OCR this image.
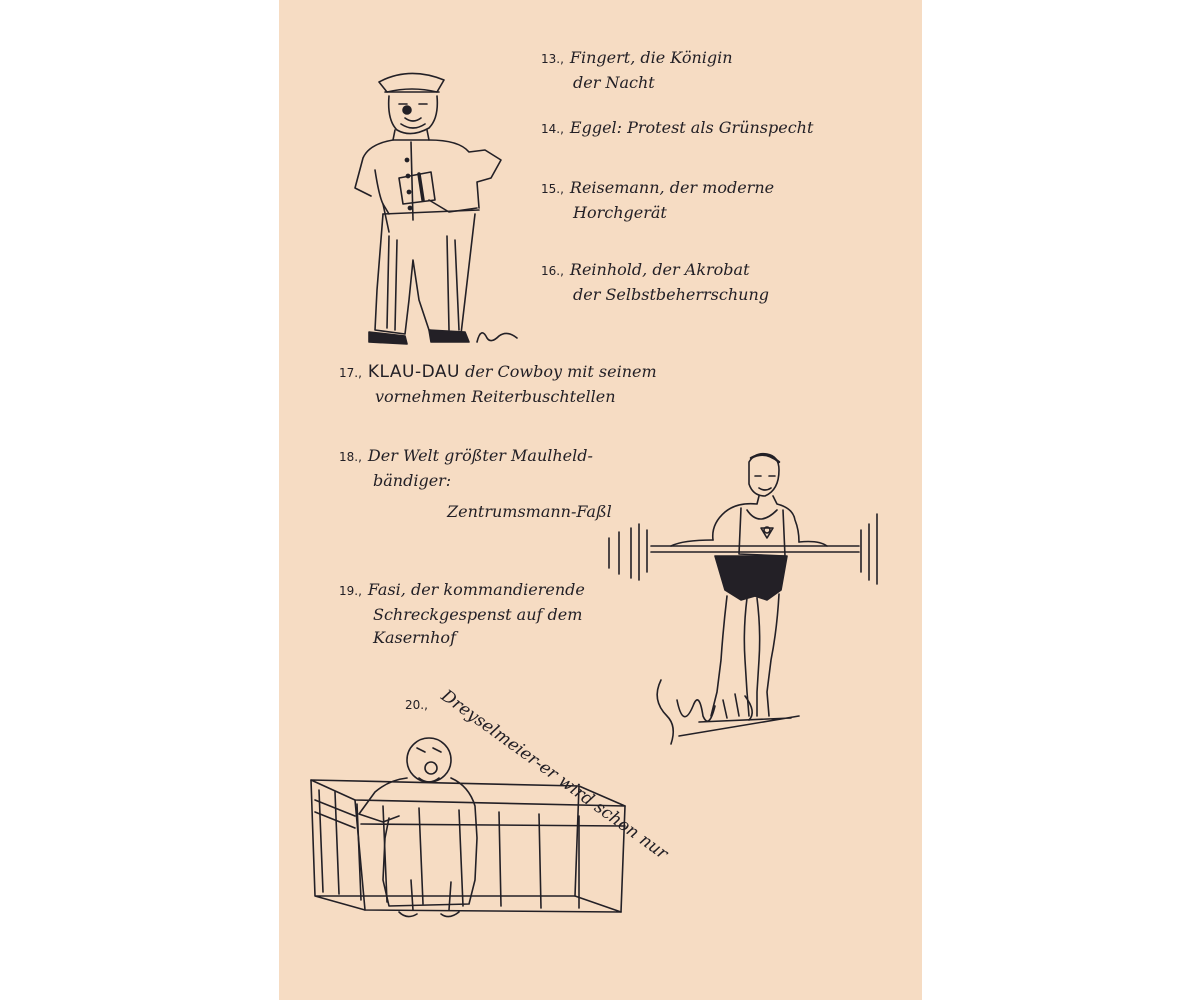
13., Fingert, die Königin
der Nacht
14., Eggel: Protest als Grünspecht
15., Reisemann, der moderne
Horchgerät
16., Reinhold, der Akrobat
der Selbstbeherrschung
17., KLAU-DAU der Cowboy mit seinem
vornehmen Reiterbuschtellen
18., Der Welt größter Maulheld-
bändiger:
Zentrumsmann-Faßl
19., Fasi, der kommandierende
Schreckgespenst auf dem
Kasernhof
20., Dreyselmeier-er wird schon nur
